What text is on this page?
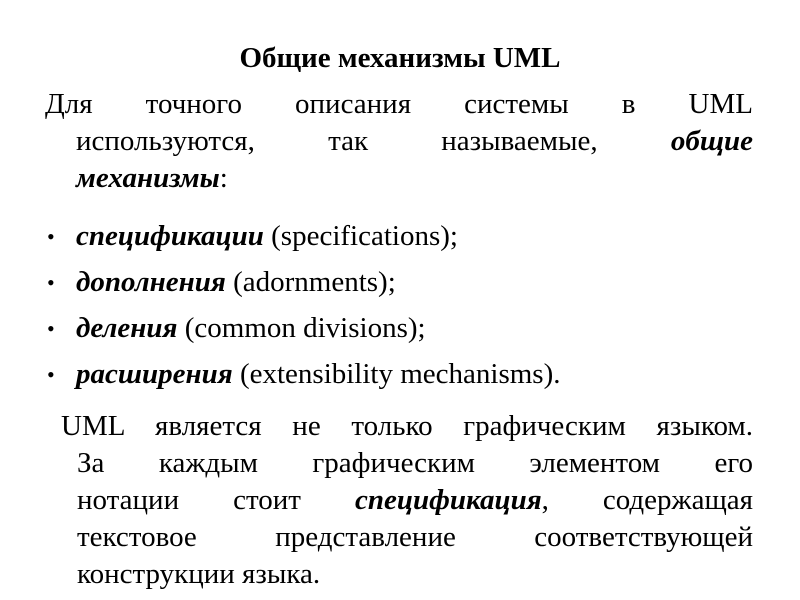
Общие механизмы UML
Для точного описания системы в UML
используются, так называемые,	общие
механизмы:
• спецификации (specifications);
• дополнения (adornments);
• деления (common divisions);
• расширения (extensibility mechanisms).
UML является не только графическим языком.
За каждым графическим элементом его
нотации стоит спецификация, содержащая
текстовое представление соответствующей
конструкции языка.
